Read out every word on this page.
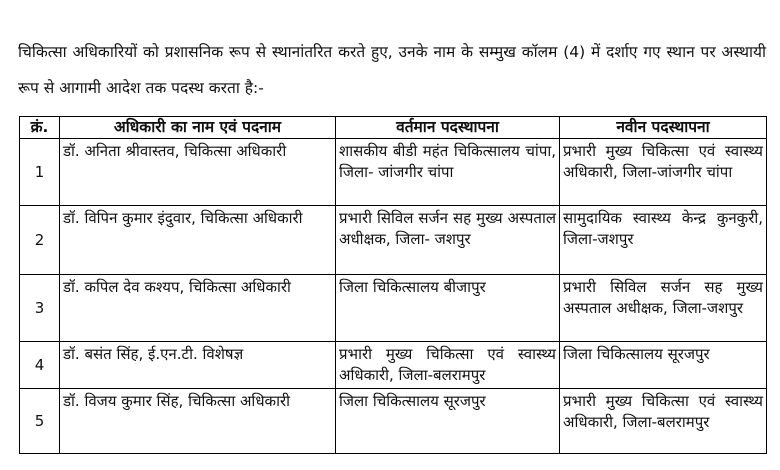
चिकित्सा अधिकारियों को प्रशासनिक रूप से स्थानांतरित करते हुए, उनके नाम के सम्मुख कॉलम (4) में दर्शाए गए स्थान पर अस्थायी रूप से आगामी आदेश तक पदस्थ करता है:-

क्रं.	अधिकारी का नाम एवं पदनाम	वर्तमान पदस्थापना	नवीन पदस्थापना
1	डॉ. अनिता श्रीवास्तव, चिकित्सा अधिकारी	शासकीय बीडी महंत चिकित्सालय चांपा, जिला- जांजगीर चांपा	प्रभारी मुख्य चिकित्सा एवं स्वास्थ्य अधिकारी, जिला-जांजगीर चांपा
2	डॉ. विपिन कुमार इंदुवार, चिकित्सा अधिकारी	प्रभारी सिविल सर्जन सह मुख्य अस्पताल अधीक्षक, जिला- जशपुर	सामुदायिक स्वास्थ्य केन्द्र कुनकुरी, जिला-जशपुर
3	डॉ. कपिल देव कश्यप, चिकित्सा अधिकारी	जिला चिकित्सालय बीजापुर	प्रभारी सिविल सर्जन सह मुख्य अस्पताल अधीक्षक, जिला-जशपुर
4	डॉ. बसंत सिंह, ई.एन.टी. विशेषज्ञ	प्रभारी मुख्य चिकित्सा एवं स्वास्थ्य अधिकारी, जिला-बलरामपुर	जिला चिकित्सालय सूरजपुर
5	डॉ. विजय कुमार सिंह, चिकित्सा अधिकारी	जिला चिकित्सालय सूरजपुर	प्रभारी मुख्य चिकित्सा एवं स्वास्थ्य अधिकारी, जिला-बलरामपुर
